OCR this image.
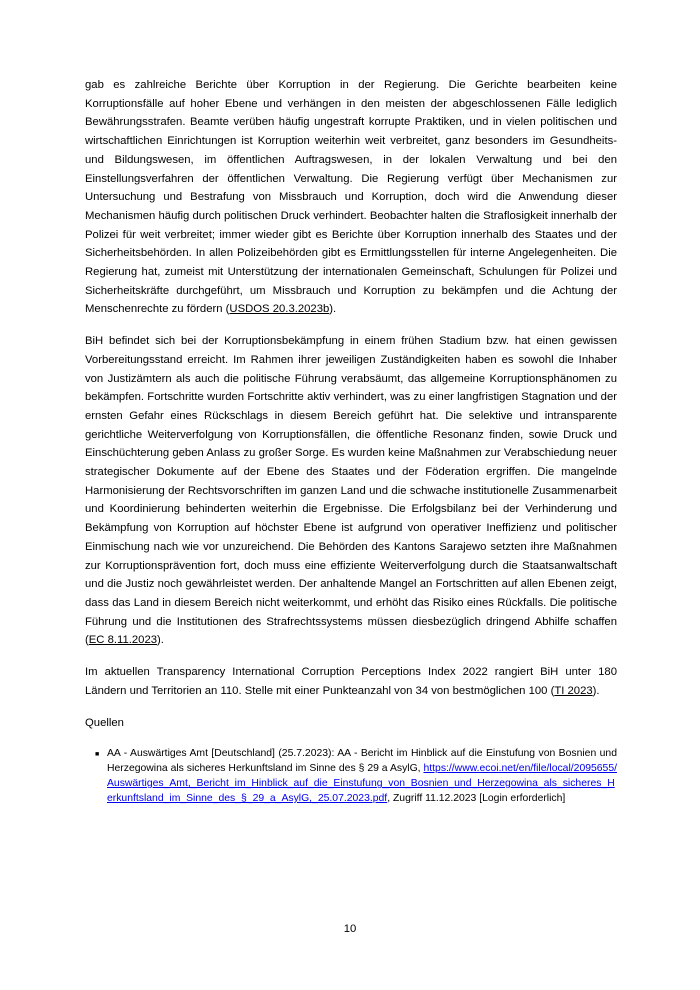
gab es zahlreiche Berichte über Korruption in der Regierung. Die Gerichte bearbeiten keine Korruptionsfälle auf hoher Ebene und verhängen in den meisten der abgeschlossenen Fälle lediglich Bewährungsstrafen. Beamte verüben häufig ungestraft korrupte Praktiken, und in vielen politischen und wirtschaftlichen Einrichtungen ist Korruption weiterhin weit verbreitet, ganz besonders im Gesundheits- und Bildungswesen, im öffentlichen Auftragswesen, in der lokalen Verwaltung und bei den Einstellungsverfahren der öffentlichen Verwaltung. Die Regierung verfügt über Mechanismen zur Untersuchung und Bestrafung von Missbrauch und Korruption, doch wird die Anwendung dieser Mechanismen häufig durch politischen Druck verhindert. Beobachter halten die Straflosigkeit innerhalb der Polizei für weit verbreitet; immer wieder gibt es Berichte über Korruption innerhalb des Staates und der Sicherheitsbehörden. In allen Polizeibehörden gibt es Ermittlungsstellen für interne Angelegenheiten. Die Regierung hat, zumeist mit Unterstützung der internationalen Gemeinschaft, Schulungen für Polizei und Sicherheitskräfte durchgeführt, um Missbrauch und Korruption zu bekämpfen und die Achtung der Menschenrechte zu fördern (USDOS 20.3.2023b).

BiH befindet sich bei der Korruptionsbekämpfung in einem frühen Stadium bzw. hat einen gewissen Vorbereitungsstand erreicht. Im Rahmen ihrer jeweiligen Zuständigkeiten haben es sowohl die Inhaber von Justizämtern als auch die politische Führung verabsäumt, das allgemeine Korruptionsphänomen zu bekämpfen. Fortschritte wurden Fortschritte aktiv verhindert, was zu einer langfristigen Stagnation und der ernsten Gefahr eines Rückschlags in diesem Bereich geführt hat. Die selektive und intransparente gerichtliche Weiterverfolgung von Korruptionsfällen, die öffentliche Resonanz finden, sowie Druck und Einschüchterung geben Anlass zu großer Sorge. Es wurden keine Maßnahmen zur Verabschiedung neuer strategischer Dokumente auf der Ebene des Staates und der Föderation ergriffen. Die mangelnde Harmonisierung der Rechtsvorschriften im ganzen Land und die schwache institutionelle Zusammenarbeit und Koordinierung behinderten weiterhin die Ergebnisse. Die Erfolgsbilanz bei der Verhinderung und Bekämpfung von Korruption auf höchster Ebene ist aufgrund von operativer Ineffizienz und politischer Einmischung nach wie vor unzureichend. Die Behörden des Kantons Sarajewo setzten ihre Maßnahmen zur Korruptionsprävention fort, doch muss eine effiziente Weiterverfolgung durch die Staatsanwaltschaft und die Justiz noch gewährleistet werden. Der anhaltende Mangel an Fortschritten auf allen Ebenen zeigt, dass das Land in diesem Bereich nicht weiterkommt, und erhöht das Risiko eines Rückfalls. Die politische Führung und die Institutionen des Strafrechtssystems müssen diesbezüglich dringend Abhilfe schaffen (EC 8.11.2023).

Im aktuellen Transparency International Corruption Perceptions Index 2022 rangiert BiH unter 180 Ländern und Territorien an 110. Stelle mit einer Punkteanzahl von 34 von bestmöglichen 100 (TI 2023).

Quellen

■ AA - Auswärtiges Amt [Deutschland] (25.7.2023): AA - Bericht im Hinblick auf die Einstufung von Bosnien und Herzegowina als sicheres Herkunftsland im Sinne des § 29 a AsylG, https://www.ecoi.net/en/file/local/2095655/Auswärtiges_Amt,_Bericht_im_Hinblick_auf_die_Einstufung_von_Bosnien_und_Herzegowina_als_sicheres_Herkunftsland_im_Sinne_des_§_29_a_AsylG,_25.07.2023.pdf, Zugriff 11.12.2023 [Login erforderlich]
10
